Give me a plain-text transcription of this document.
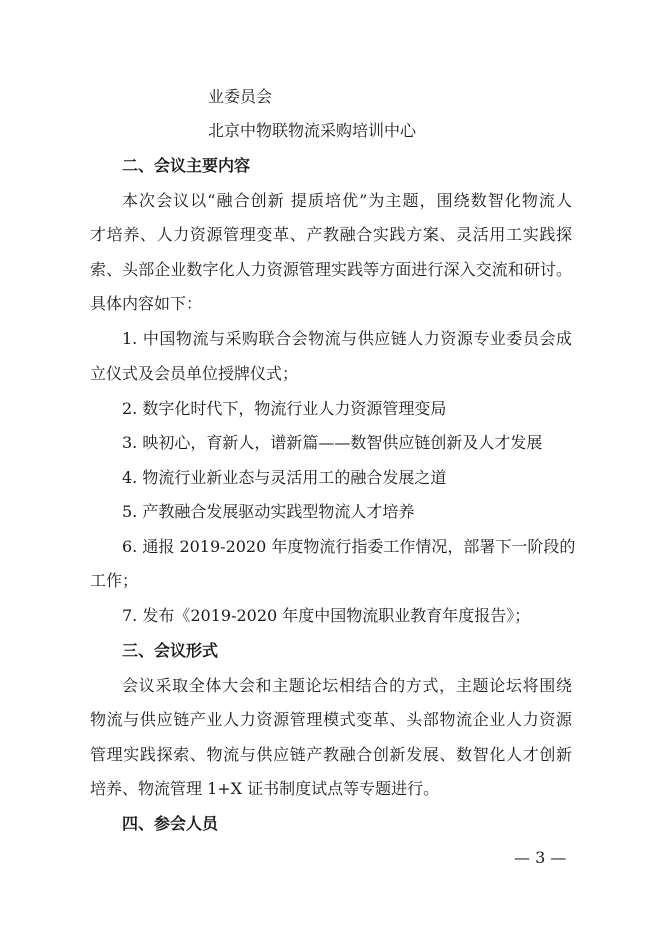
业委员会
北京中物联物流采购培训中心
二、会议主要内容
本次会议以“融合创新 提质培优”为主题，围绕数智化物流人
才培养、人力资源管理变革、产教融合实践方案、灵活用工实践探
索、头部企业数字化人力资源管理实践等方面进行深入交流和研讨。
具体内容如下：
1. 中国物流与采购联合会物流与供应链人力资源专业委员会成
立仪式及会员单位授牌仪式；
2. 数字化时代下，物流行业人力资源管理变局
3. 映初心，育新人，谱新篇——数智供应链创新及人才发展
4. 物流行业新业态与灵活用工的融合发展之道
5. 产教融合发展驱动实践型物流人才培养
6. 通报 2019-2020 年度物流行指委工作情况，部署下一阶段的
工作；
7. 发布《2019-2020 年度中国物流职业教育年度报告》；
三、会议形式
会议采取全体大会和主题论坛相结合的方式，主题论坛将围绕
物流与供应链产业人力资源管理模式变革、头部物流企业人力资源
管理实践探索、物流与供应链产教融合创新发展、数智化人才创新
培养、物流管理 1+X 证书制度试点等专题进行。
四、参会人员
— 3 —
